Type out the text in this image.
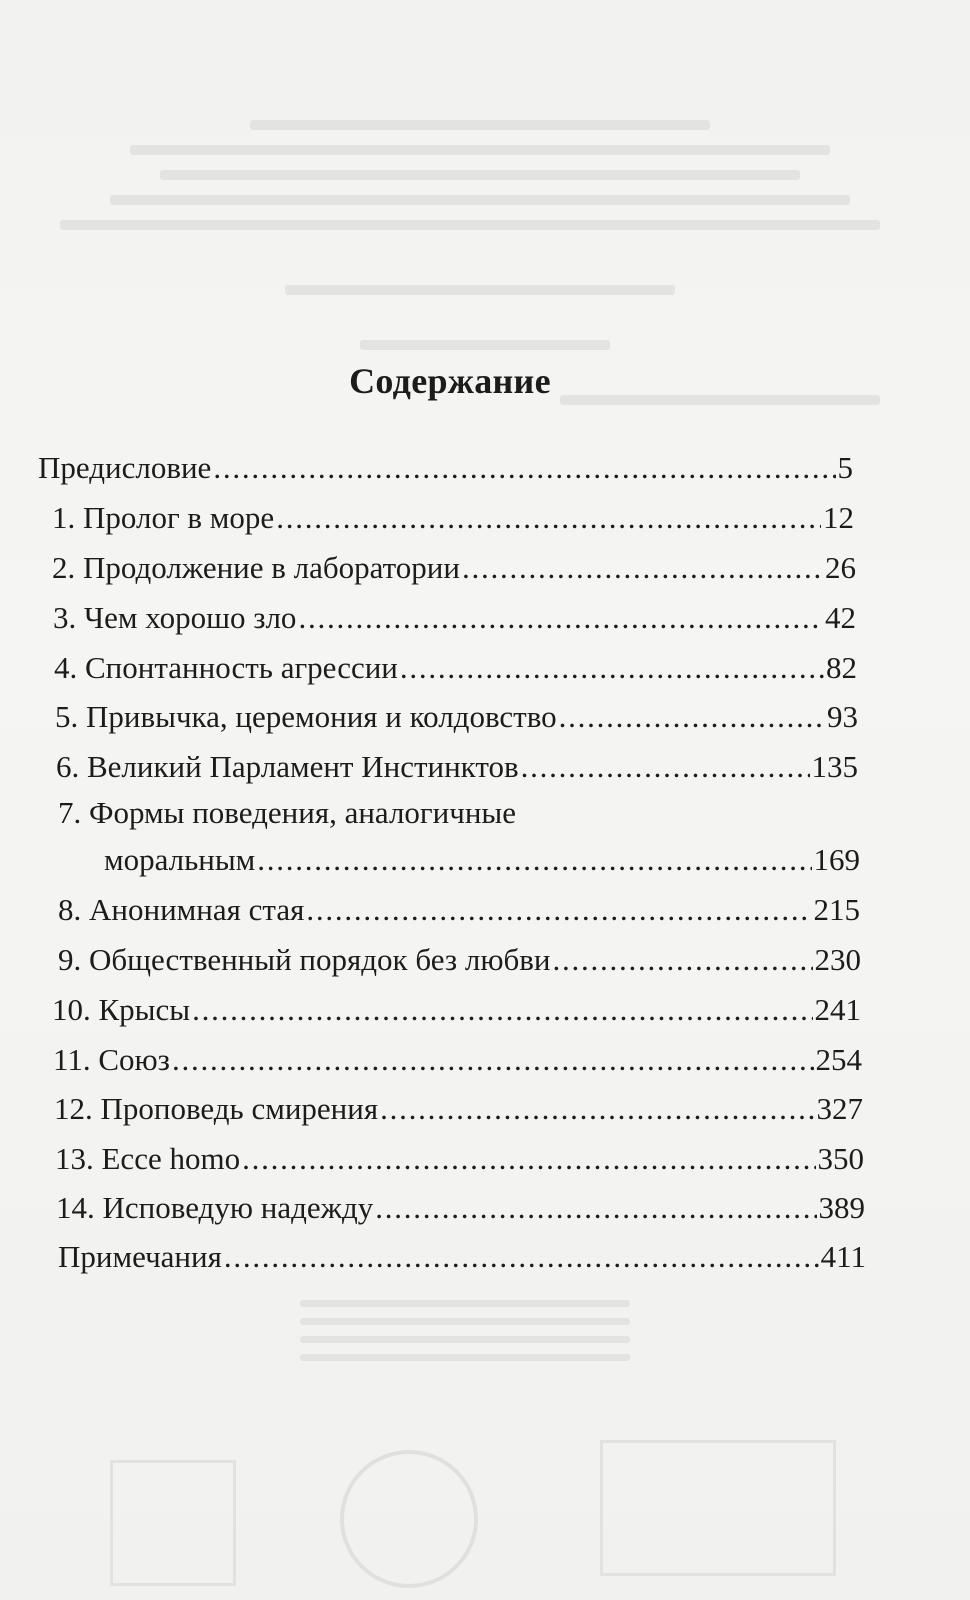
Содержание
Предисловие . . .	5
1. Пролог в море . . .	12
2. Продолжение в лаборатории . . .	26
3. Чем хорошо зло . . .	42
4. Спонтанность агрессии . . .	82
5. Привычка, церемония и колдовство . . .	93
6. Великий Парламент Инстинктов . . .	135
7. Формы поведения, аналогичные
моральным . . .	169
8. Анонимная стая . . .	215
9. Общественный порядок без любви . . .	230
10. Крысы . . .	241
11. Союз . . .	254
12. Проповедь смирения . . .	327
13. Ecce homo . . .	350
14. Исповедую надежду . . .	389
Примечания . . .	411
